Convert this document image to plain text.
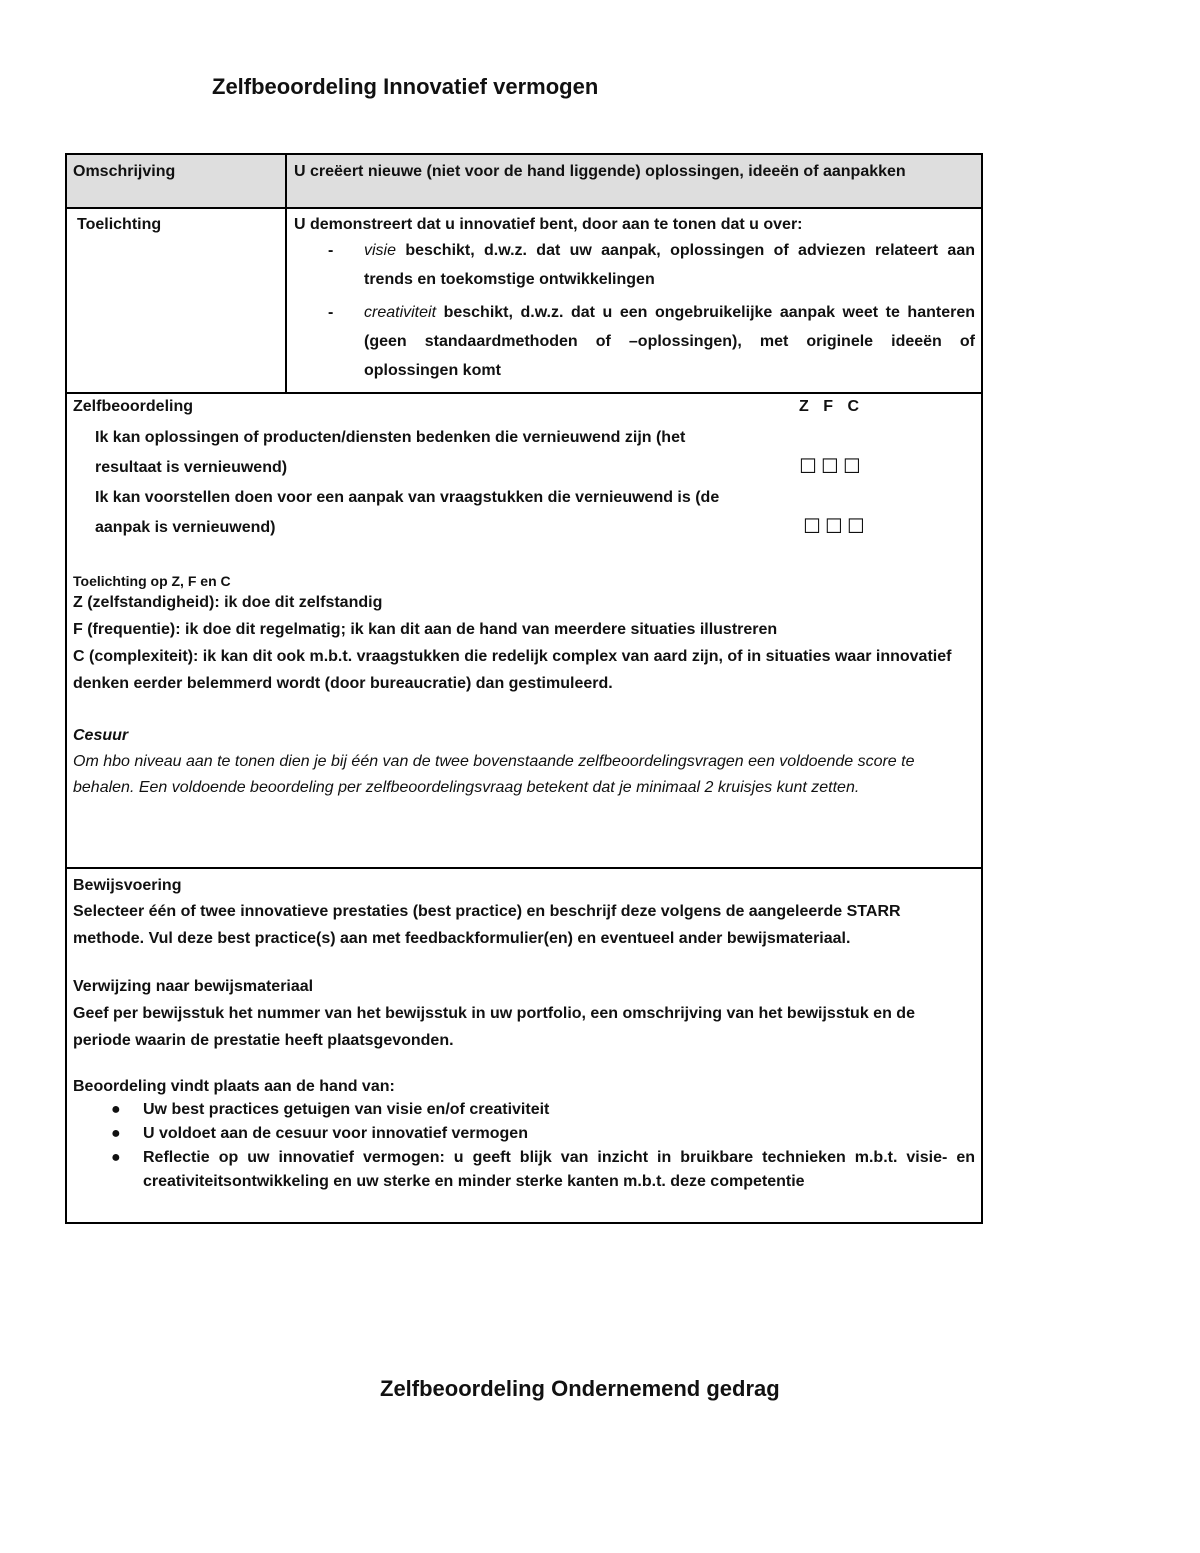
Zelfbeoordeling Innovatief vermogen
Omschrijving	U creëert nieuwe (niet voor de hand liggende) oplossingen, ideeën of aanpakken
Toelichting	U demonstreert dat u innovatief bent, door aan te tonen dat u over:
-	visie beschikt, d.w.z. dat uw aanpak, oplossingen of adviezen relateert aan trends en toekomstige ontwikkelingen
-	creativiteit beschikt, d.w.z. dat u een ongebruikelijke aanpak weet te hanteren (geen standaardmethoden of –oplossingen), met originele ideeën of oplossingen komt
Zelfbeoordeling	Z F C
Ik kan oplossingen of producten/diensten bedenken die vernieuwend zijn (het
resultaat is vernieuwend)	☐☐☐
Ik kan voorstellen doen voor een aanpak van vraagstukken die vernieuwend is (de
aanpak is vernieuwend)	☐☐☐
Toelichting op Z, F en C
Z (zelfstandigheid): ik doe dit zelfstandig
F (frequentie): ik doe dit regelmatig; ik kan dit aan de hand van meerdere situaties illustreren
C (complexiteit): ik kan dit ook m.b.t. vraagstukken die redelijk complex van aard zijn, of in situaties waar innovatief denken eerder belemmerd wordt (door bureaucratie) dan gestimuleerd.
Cesuur
Om hbo niveau aan te tonen dien je bij één van de twee bovenstaande zelfbeoordelingsvragen een voldoende score te behalen. Een voldoende beoordeling per zelfbeoordelingsvraag betekent dat je minimaal 2 kruisjes kunt zetten.
Bewijsvoering
Selecteer één of twee innovatieve prestaties (best practice) en beschrijf deze volgens de aangeleerde STARR methode. Vul deze best practice(s) aan met feedbackformulier(en) en eventueel ander bewijsmateriaal.
Verwijzing naar bewijsmateriaal
Geef per bewijsstuk het nummer van het bewijsstuk in uw portfolio, een omschrijving van het bewijsstuk en de periode waarin de prestatie heeft plaatsgevonden.
Beoordeling vindt plaats aan de hand van:
●	Uw best practices getuigen van visie en/of creativiteit
●	U voldoet aan de cesuur voor innovatief vermogen
●	Reflectie op uw innovatief vermogen: u geeft blijk van inzicht in bruikbare technieken m.b.t. visie- en creativiteitsontwikkeling en uw sterke en minder sterke kanten m.b.t. deze competentie
Zelfbeoordeling Ondernemend gedrag
